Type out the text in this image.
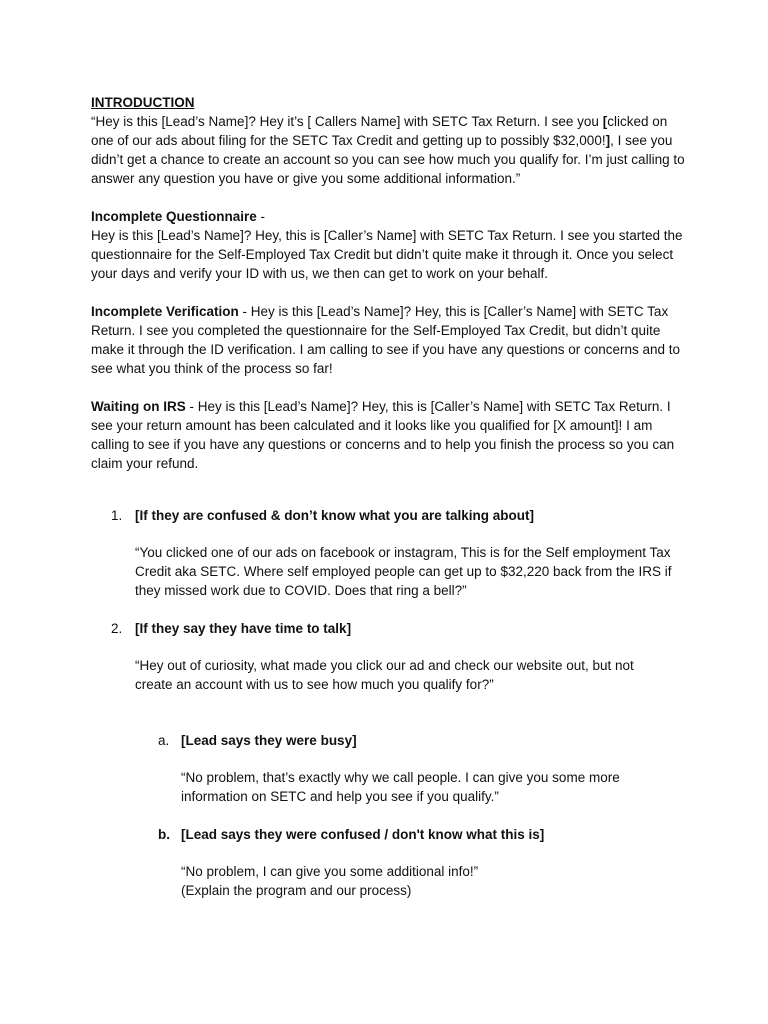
INTRODUCTION

“Hey is this [Lead’s Name]? Hey it’s [ Callers Name] with SETC Tax Return. I see you [clicked on one of our ads about filing for the SETC Tax Credit and getting up to possibly $32,000!], I see you didn’t get a chance to create an account so you can see how much you qualify for. I’m just calling to answer any question you have or give you some additional information.”

Incomplete Questionnaire -

Hey is this [Lead’s Name]? Hey, this is [Caller’s Name] with SETC Tax Return. I see you started the questionnaire for the Self-Employed Tax Credit but didn’t quite make it through it. Once you select your days and verify your ID with us, we then can get to work on your behalf.

Incomplete Verification - Hey is this [Lead’s Name]? Hey, this is [Caller’s Name] with SETC Tax Return. I see you completed the questionnaire for the Self-Employed Tax Credit, but didn’t quite make it through the ID verification. I am calling to see if you have any questions or concerns and to see what you think of the process so far!

Waiting on IRS - Hey is this [Lead’s Name]? Hey, this is [Caller’s Name] with SETC Tax Return. I see your return amount has been calculated and it looks like you qualified for [X amount]! I am calling to see if you have any questions or concerns and to help you finish the process so you can claim your refund.

1. [If they are confused & don’t know what you are talking about]

“You clicked one of our ads on facebook or instagram, This is for the Self employment Tax Credit aka SETC. Where self employed people can get up to $32,220 back from the IRS if they missed work due to COVID. Does that ring a bell?”

2. [If they say they have time to talk]

“Hey out of curiosity, what made you click our ad and check our website out, but not create an account with us to see how much you qualify for?”

a. [Lead says they were busy]

“No problem, that’s exactly why we call people. I can give you some more information on SETC and help you see if you qualify.”

b. [Lead says they were confused / don't know what this is]

“No problem, I can give you some additional info!”

(Explain the program and our process)
